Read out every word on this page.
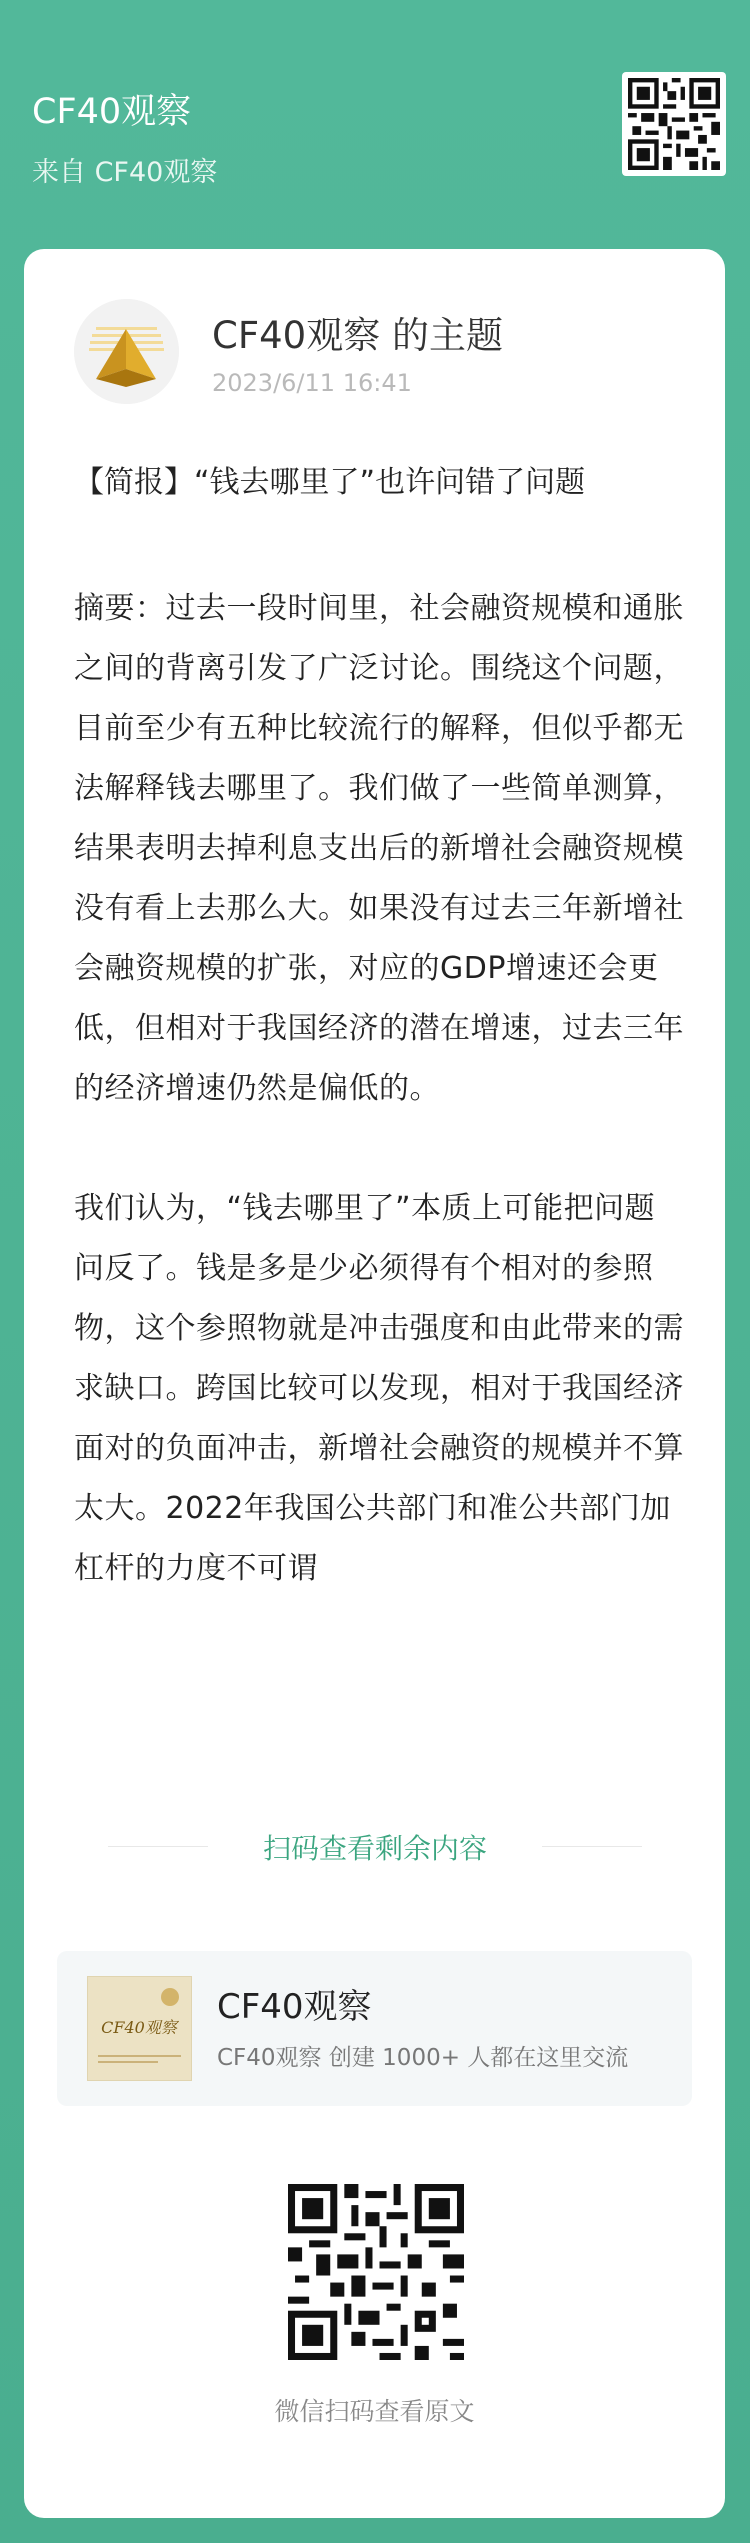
CF40观察
来自 CF40观察
CF40观察 的主题
2023/6/11 16:41
【简报】“钱去哪里了”也许问错了问题

摘要：过去一段时间里，社会融资规模和通胀之间的背离引发了广泛讨论。围绕这个问题，目前至少有五种比较流行的解释，但似乎都无法解释钱去哪里了。我们做了一些简单测算，结果表明去掉利息支出后的新增社会融资规模没有看上去那么大。如果没有过去三年新增社会融资规模的扩张，对应的GDP增速还会更低，但相对于我国经济的潜在增速，过去三年的经济增速仍然是偏低的。

我们认为，“钱去哪里了”本质上可能把问题问反了。钱是多是少必须得有个相对的参照物，这个参照物就是冲击强度和由此带来的需求缺口。跨国比较可以发现，相对于我国经济面对的负面冲击，新增社会融资的规模并不算太大。2022年我国公共部门和准公共部门加杠杆的力度不可谓

扫码查看剩余内容
CF40观察
CF40观察
CF40观察 创建 1000+ 人都在这里交流
微信扫码查看原文
